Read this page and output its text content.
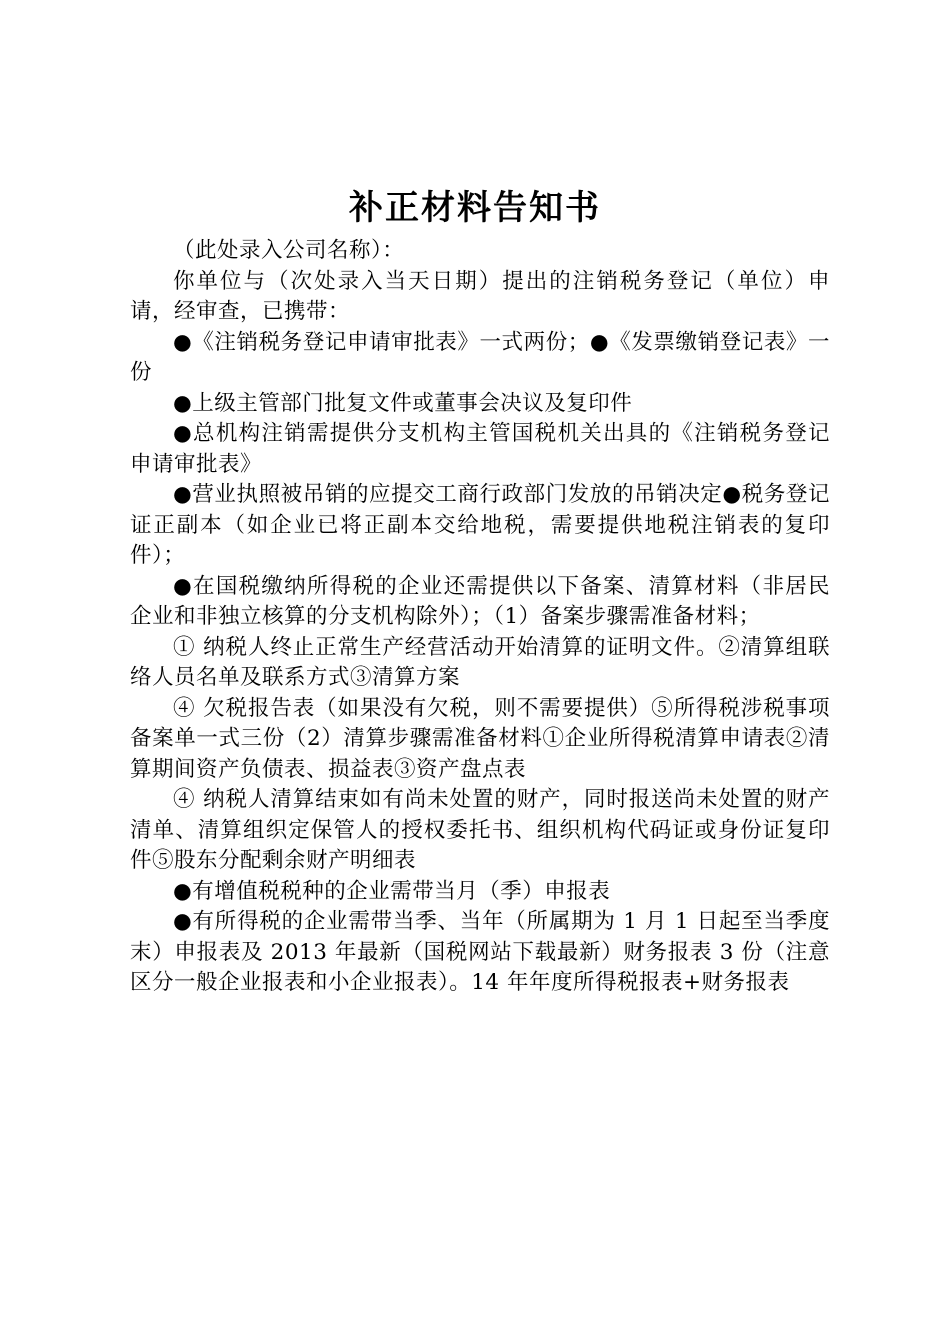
补正材料告知书

（此处录入公司名称）：

你单位与（次处录入当天日期）提出的注销税务登记（单位）申请，经审查，已携带：

●《注销税务登记申请审批表》一式两份；●《发票缴销登记表》一份

●上级主管部门批复文件或董事会决议及复印件

●总机构注销需提供分支机构主管国税机关出具的《注销税务登记申请审批表》

●营业执照被吊销的应提交工商行政部门发放的吊销决定●税务登记证正副本（如企业已将正副本交给地税，需要提供地税注销表的复印件）；

●在国税缴纳所得税的企业还需提供以下备案、清算材料（非居民企业和非独立核算的分支机构除外）；（1）备案步骤需准备材料；

① 纳税人终止正常生产经营活动开始清算的证明文件。②清算组联络人员名单及联系方式③清算方案

④ 欠税报告表（如果没有欠税，则不需要提供）⑤所得税涉税事项备案单一式三份（2）清算步骤需准备材料①企业所得税清算申请表②清算期间资产负债表、损益表③资产盘点表

④ 纳税人清算结束如有尚未处置的财产，同时报送尚未处置的财产清单、清算组织定保管人的授权委托书、组织机构代码证或身份证复印件⑤股东分配剩余财产明细表

●有增值税税种的企业需带当月（季）申报表

●有所得税的企业需带当季、当年（所属期为 1 月 1 日起至当季度末）申报表及 2013 年最新（国税网站下载最新）财务报表 3 份（注意区分一般企业报表和小企业报表）。14 年年度所得税报表+财务报表
